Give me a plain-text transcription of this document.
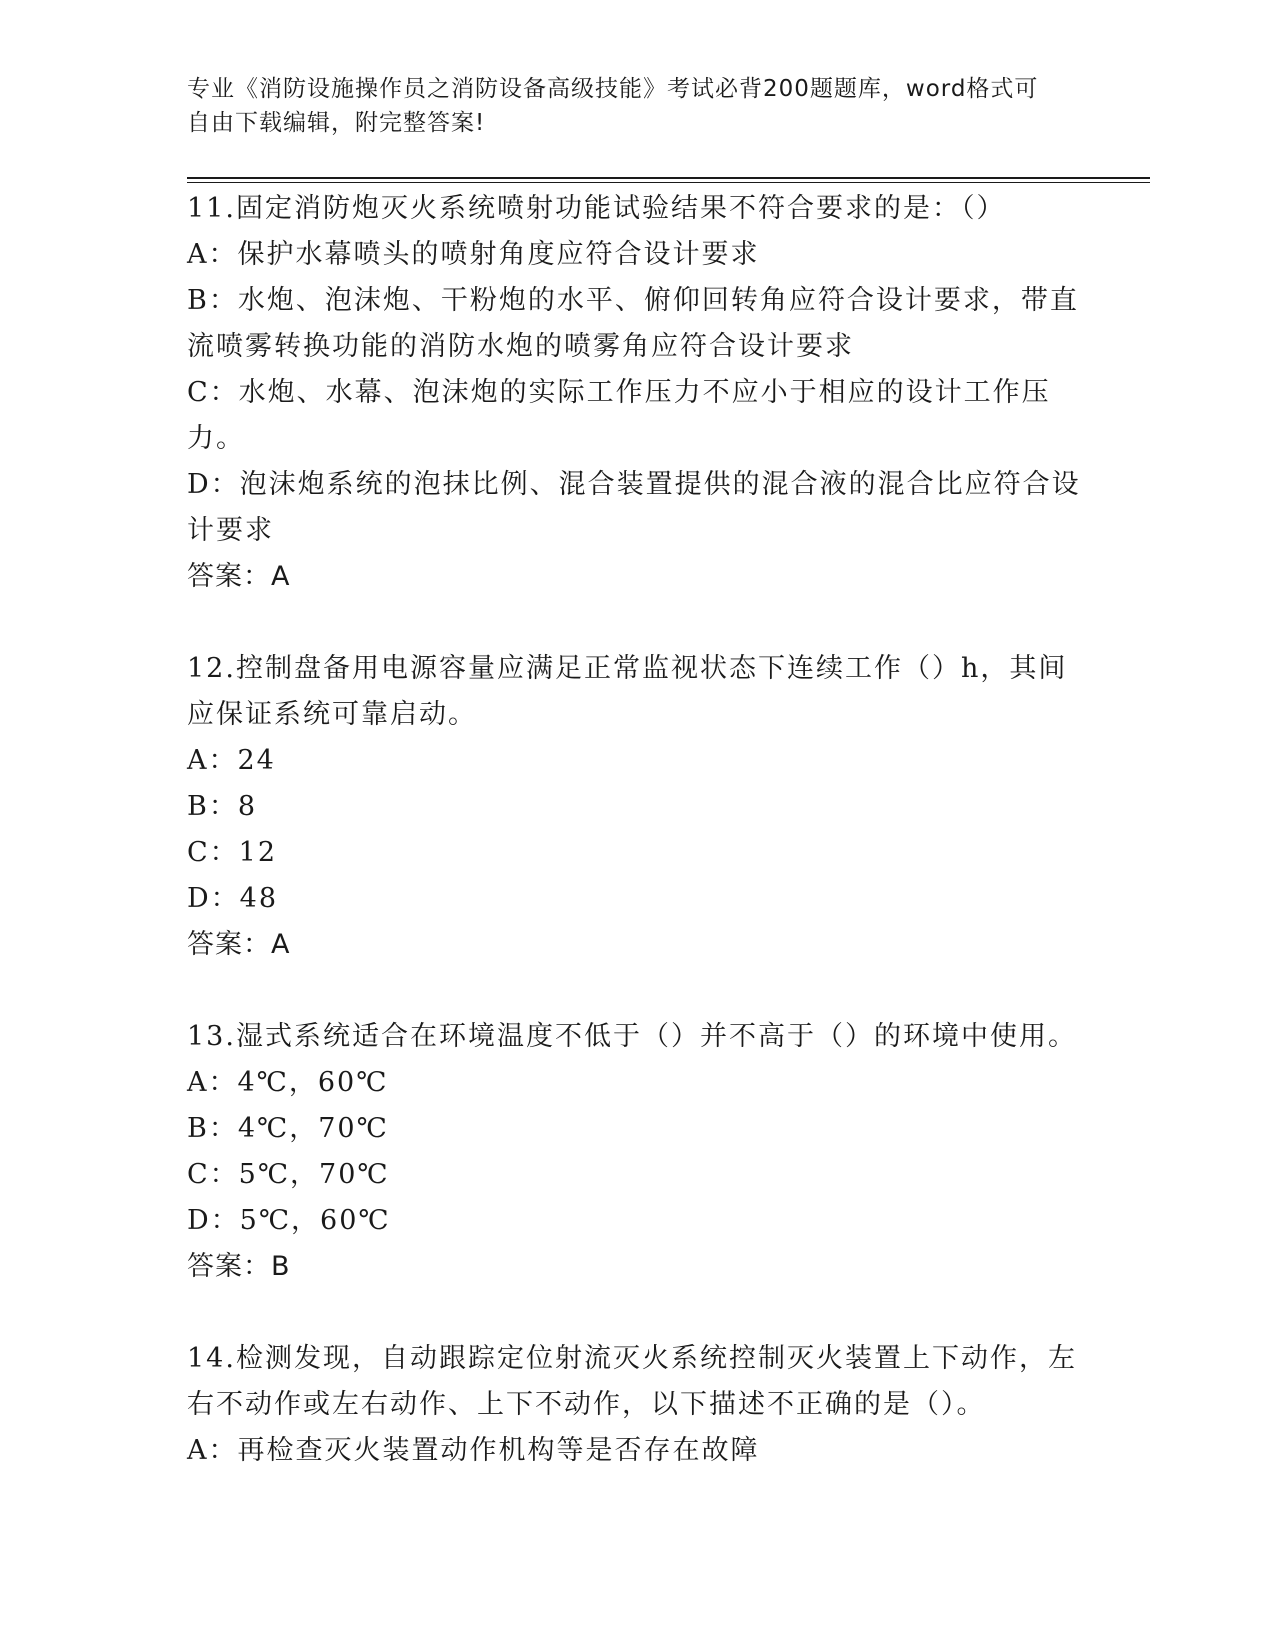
专业《消防设施操作员之消防设备高级技能》考试必背200题题库，word格式可
自由下载编辑，附完整答案!

11.固定消防炮灭火系统喷射功能试验结果不符合要求的是：（）

A：保护水幕喷头的喷射角度应符合设计要求

B：水炮、泡沫炮、干粉炮的水平、俯仰回转角应符合设计要求，带直流喷雾转换功能的消防水炮的喷雾角应符合设计要求

C：水炮、水幕、泡沫炮的实际工作压力不应小于相应的设计工作压力。

D：泡沫炮系统的泡抹比例、混合装置提供的混合液的混合比应符合设计要求

答案：A

12.控制盘备用电源容量应满足正常监视状态下连续工作（）h，其间应保证系统可靠启动。

A：24

B：8

C：12

D：48

答案：A

13.湿式系统适合在环境温度不低于（）并不高于（）的环境中使用。

A：4℃，60℃

B：4℃，70℃

C：5℃，70℃

D：5℃，60℃

答案：B

14.检测发现，自动跟踪定位射流灭火系统控制灭火装置上下动作，左右不动作或左右动作、上下不动作，以下描述不正确的是（）。

A：再检查灭火装置动作机构等是否存在故障
